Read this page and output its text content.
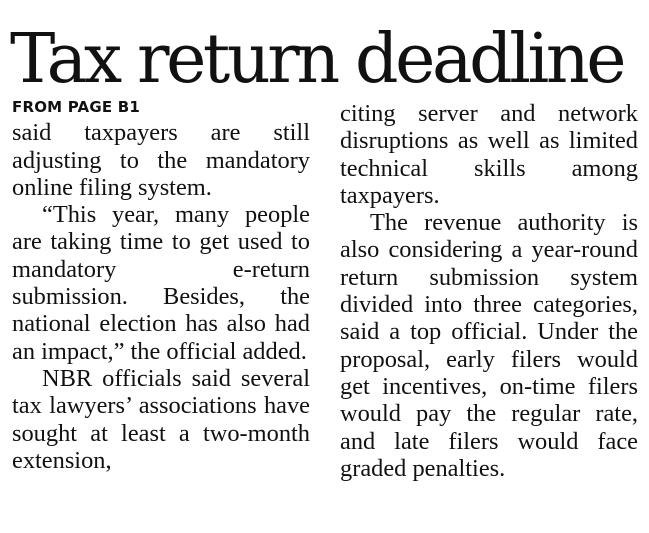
Tax return deadline
FROM PAGE B1

said taxpayers are still adjusting to the mandatory online filing system.

“This year, many people are taking time to get used to mandatory e-return submission. Besides, the national election has also had an impact,” the official added.

NBR officials said several tax lawyers’ associations have sought at least a two-month extension,

citing server and network disruptions as well as limited technical skills among taxpayers.

The revenue authority is also considering a year-round return submission system divided into three categories, said a top official. Under the proposal, early filers would get incentives, on-time filers would pay the regular rate, and late filers would face graded penalties.
